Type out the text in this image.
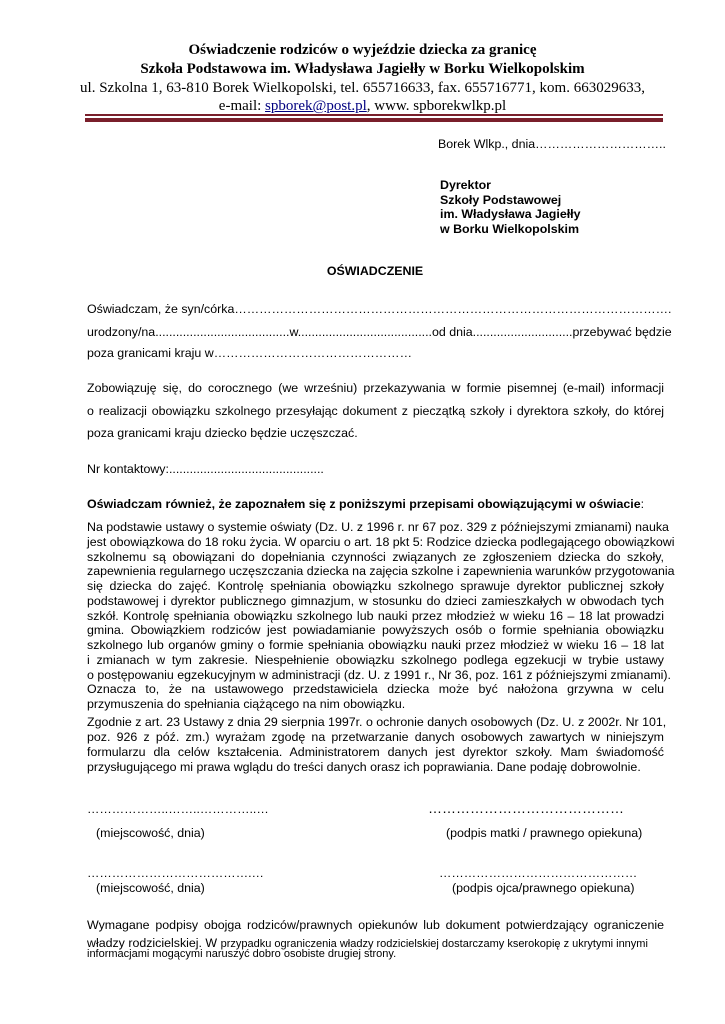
Oświadczenie rodziców o wyjeździe dziecka za granicę
Szkoła Podstawowa im. Władysława Jagiełły w Borku Wielkopolskim
ul. Szkolna 1, 63-810 Borek Wielkopolski, tel. 655716633, fax. 655716771, kom. 663029633,
e-mail: spborek@post.pl, www. spborekwlkp.pl
Borek Wlkp., dnia…………………………..
Dyrektor
Szkoły Podstawowej
im. Władysława Jagiełły
w Borku Wielkopolskim
OŚWIADCZENIE
Oświadczam, że syn/córka…………………………………………………………………………………………….
urodzony/na.......................................w.......................................od dnia.............................przebywać będzie
poza granicami kraju w…………………………………………
Zobowiązuję się, do corocznego (we wrześniu) przekazywania w formie pisemnej (e-mail) informacji
o realizacji obowiązku szkolnego przesyłając dokument z pieczątką szkoły i dyrektora szkoły, do której
poza granicami kraju dziecko będzie uczęszczać.
Nr kontaktowy:.............................................
Oświadczam również, że zapoznałem się z poniższymi przepisami obowiązującymi w oświacie:
Na podstawie ustawy o systemie oświaty (Dz. U. z 1996 r. nr 67 poz. 329 z późniejszymi zmianami) nauka
jest obowiązkowa do 18 roku życia. W oparciu o art. 18 pkt 5: Rodzice dziecka podlegającego obowiązkowi
szkolnemu są obowiązani do dopełniania czynności związanych ze zgłoszeniem dziecka do szkoły,
zapewnienia regularnego uczęszczania dziecka na zajęcia szkolne i zapewnienia warunków przygotowania
się dziecka do zajęć. Kontrolę spełniania obowiązku szkolnego sprawuje dyrektor publicznej szkoły
podstawowej i dyrektor publicznego gimnazjum, w stosunku do dzieci zamieszkałych w obwodach tych
szkół. Kontrolę spełniania obowiązku szkolnego lub nauki przez młodzież w wieku 16 – 18 lat prowadzi
gmina. Obowiązkiem rodziców jest powiadamianie powyższych osób o formie spełniania obowiązku
szkolnego lub organów gminy o formie spełniania obowiązku nauki przez młodzież w wieku 16 – 18 lat
i zmianach w tym zakresie. Niespełnienie obowiązku szkolnego podlega egzekucji w trybie ustawy
o postępowaniu egzekucyjnym w administracji (dz. U. z 1991 r., Nr 36, poz. 161 z późniejszymi zmianami).
Oznacza to, że na ustawowego przedstawiciela dziecka może być nałożona grzywna w celu
przymuszenia do spełniania ciążącego na nim obowiązku.
Zgodnie z art. 23 Ustawy z dnia 29 sierpnia 1997r. o ochronie danych osobowych (Dz. U. z 2002r. Nr 101,
poz. 926 z póź. zm.) wyrażam zgodę na przetwarzanie danych osobowych zawartych w niniejszym
formularzu dla celów kształcenia. Administratorem danych jest dyrektor szkoły. Mam świadomość
przysługującego mi prawa wglądu do treści danych orasz ich poprawiania. Dane podaję dobrowolnie.
………………..……..…………..…	……………………………………
(miejscowość, dnia)	(podpis matki / prawnego opiekuna)
………………………………….…	…………………………………………
(miejscowość, dnia)	(podpis ojca/prawnego opiekuna)
Wymagane podpisy obojga rodziców/prawnych opiekunów lub dokument potwierdzający ograniczenie
władzy rodzicielskiej. W przypadku ograniczenia władzy rodzicielskiej dostarczamy kserokopię z ukrytymi innymi
informacjami mogącymi naruszyć dobro osobiste drugiej strony.
